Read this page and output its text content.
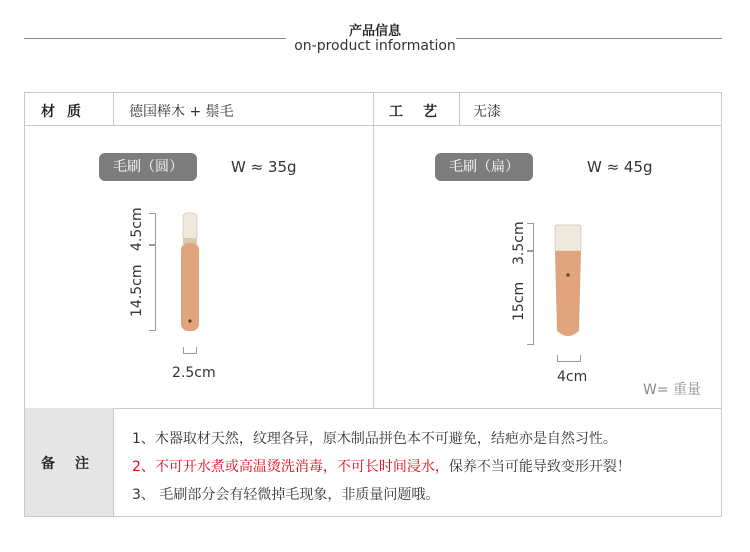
产品信息
on-product information
材质	德国榉木 + 鬃毛	工艺 无漆
毛刷（圆）	W ≈ 35g
4.5cm
14.5cm
2.5cm
毛刷（扁）	W ≈ 45g
3.5cm
15cm
4cm
W= 重量
备注
1、木器取材天然，纹理各异，原木制品拼色本不可避免，结疤亦是自然习性。
2、不可开水煮或高温烫洗消毒，不可长时间浸水，保养不当可能导致变形开裂！
3、 毛刷部分会有轻微掉毛现象，非质量问题哦。
